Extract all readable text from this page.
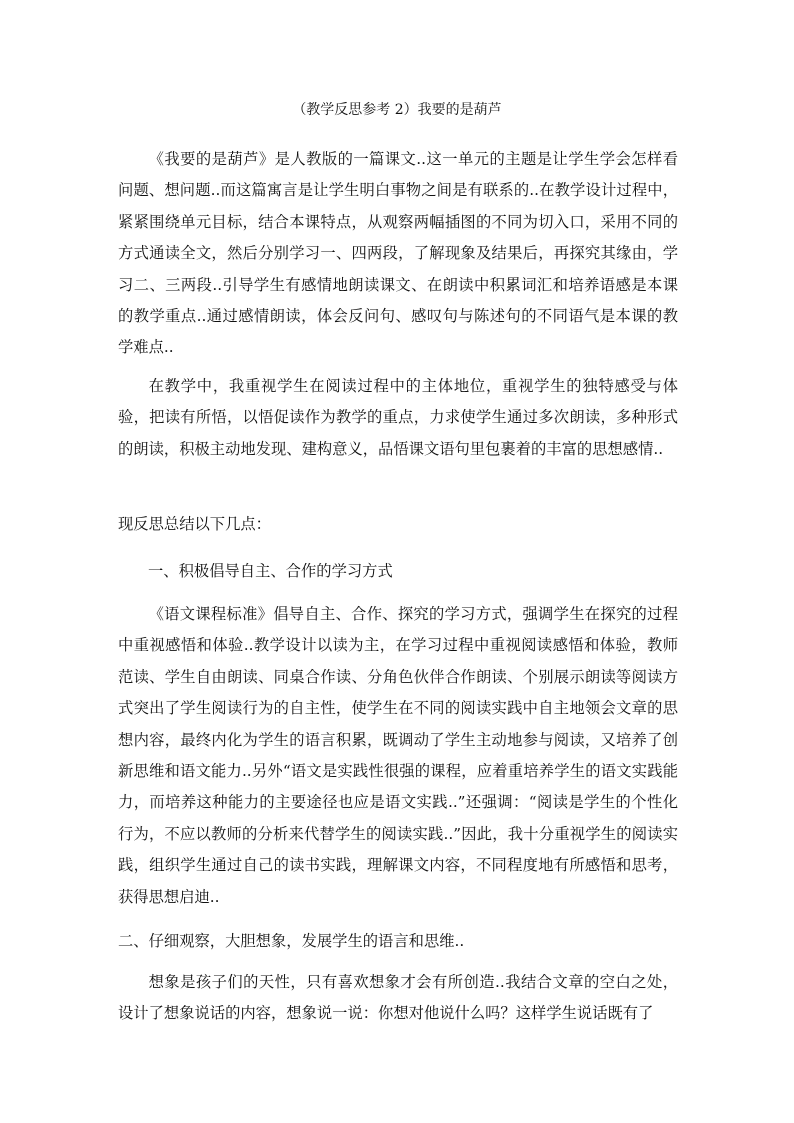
（教学反思参考 2）我要的是葫芦
《我要的是葫芦》是人教版的一篇课文..这一单元的主题是让学生学会怎样看问题、想问题..而这篇寓言是让学生明白事物之间是有联系的..在教学设计过程中，紧紧围绕单元目标，结合本课特点，从观察两幅插图的不同为切入口，采用不同的方式通读全文，然后分别学习一、四两段，了解现象及结果后，再探究其缘由，学习二、三两段..引导学生有感情地朗读课文、在朗读中积累词汇和培养语感是本课的教学重点..通过感情朗读，体会反问句、感叹句与陈述句的不同语气是本课的教学难点..
在教学中，我重视学生在阅读过程中的主体地位，重视学生的独特感受与体验，把读有所悟，以悟促读作为教学的重点，力求使学生通过多次朗读，多种形式的朗读，积极主动地发现、建构意义，品悟课文语句里包裹着的丰富的思想感情..
现反思总结以下几点：
一、积极倡导自主、合作的学习方式
《语文课程标准》倡导自主、合作、探究的学习方式，强调学生在探究的过程中重视感悟和体验..教学设计以读为主，在学习过程中重视阅读感悟和体验，教师范读、学生自由朗读、同桌合作读、分角色伙伴合作朗读、个别展示朗读等阅读方式突出了学生阅读行为的自主性，使学生在不同的阅读实践中自主地领会文章的思想内容，最终内化为学生的语言积累，既调动了学生主动地参与阅读，又培养了创新思维和语文能力..另外“语文是实践性很强的课程，应着重培养学生的语文实践能力，而培养这种能力的主要途径也应是语文实践..”还强调：“阅读是学生的个性化行为，不应以教师的分析来代替学生的阅读实践..”因此，我十分重视学生的阅读实践，组织学生通过自己的读书实践，理解课文内容，不同程度地有所感悟和思考，获得思想启迪..
二、仔细观察，大胆想象，发展学生的语言和思维..
想象是孩子们的天性，只有喜欢想象才会有所创造..我结合文章的空白之处，设计了想象说话的内容，想象说一说：你想对他说什么吗？这样学生说话既有了
